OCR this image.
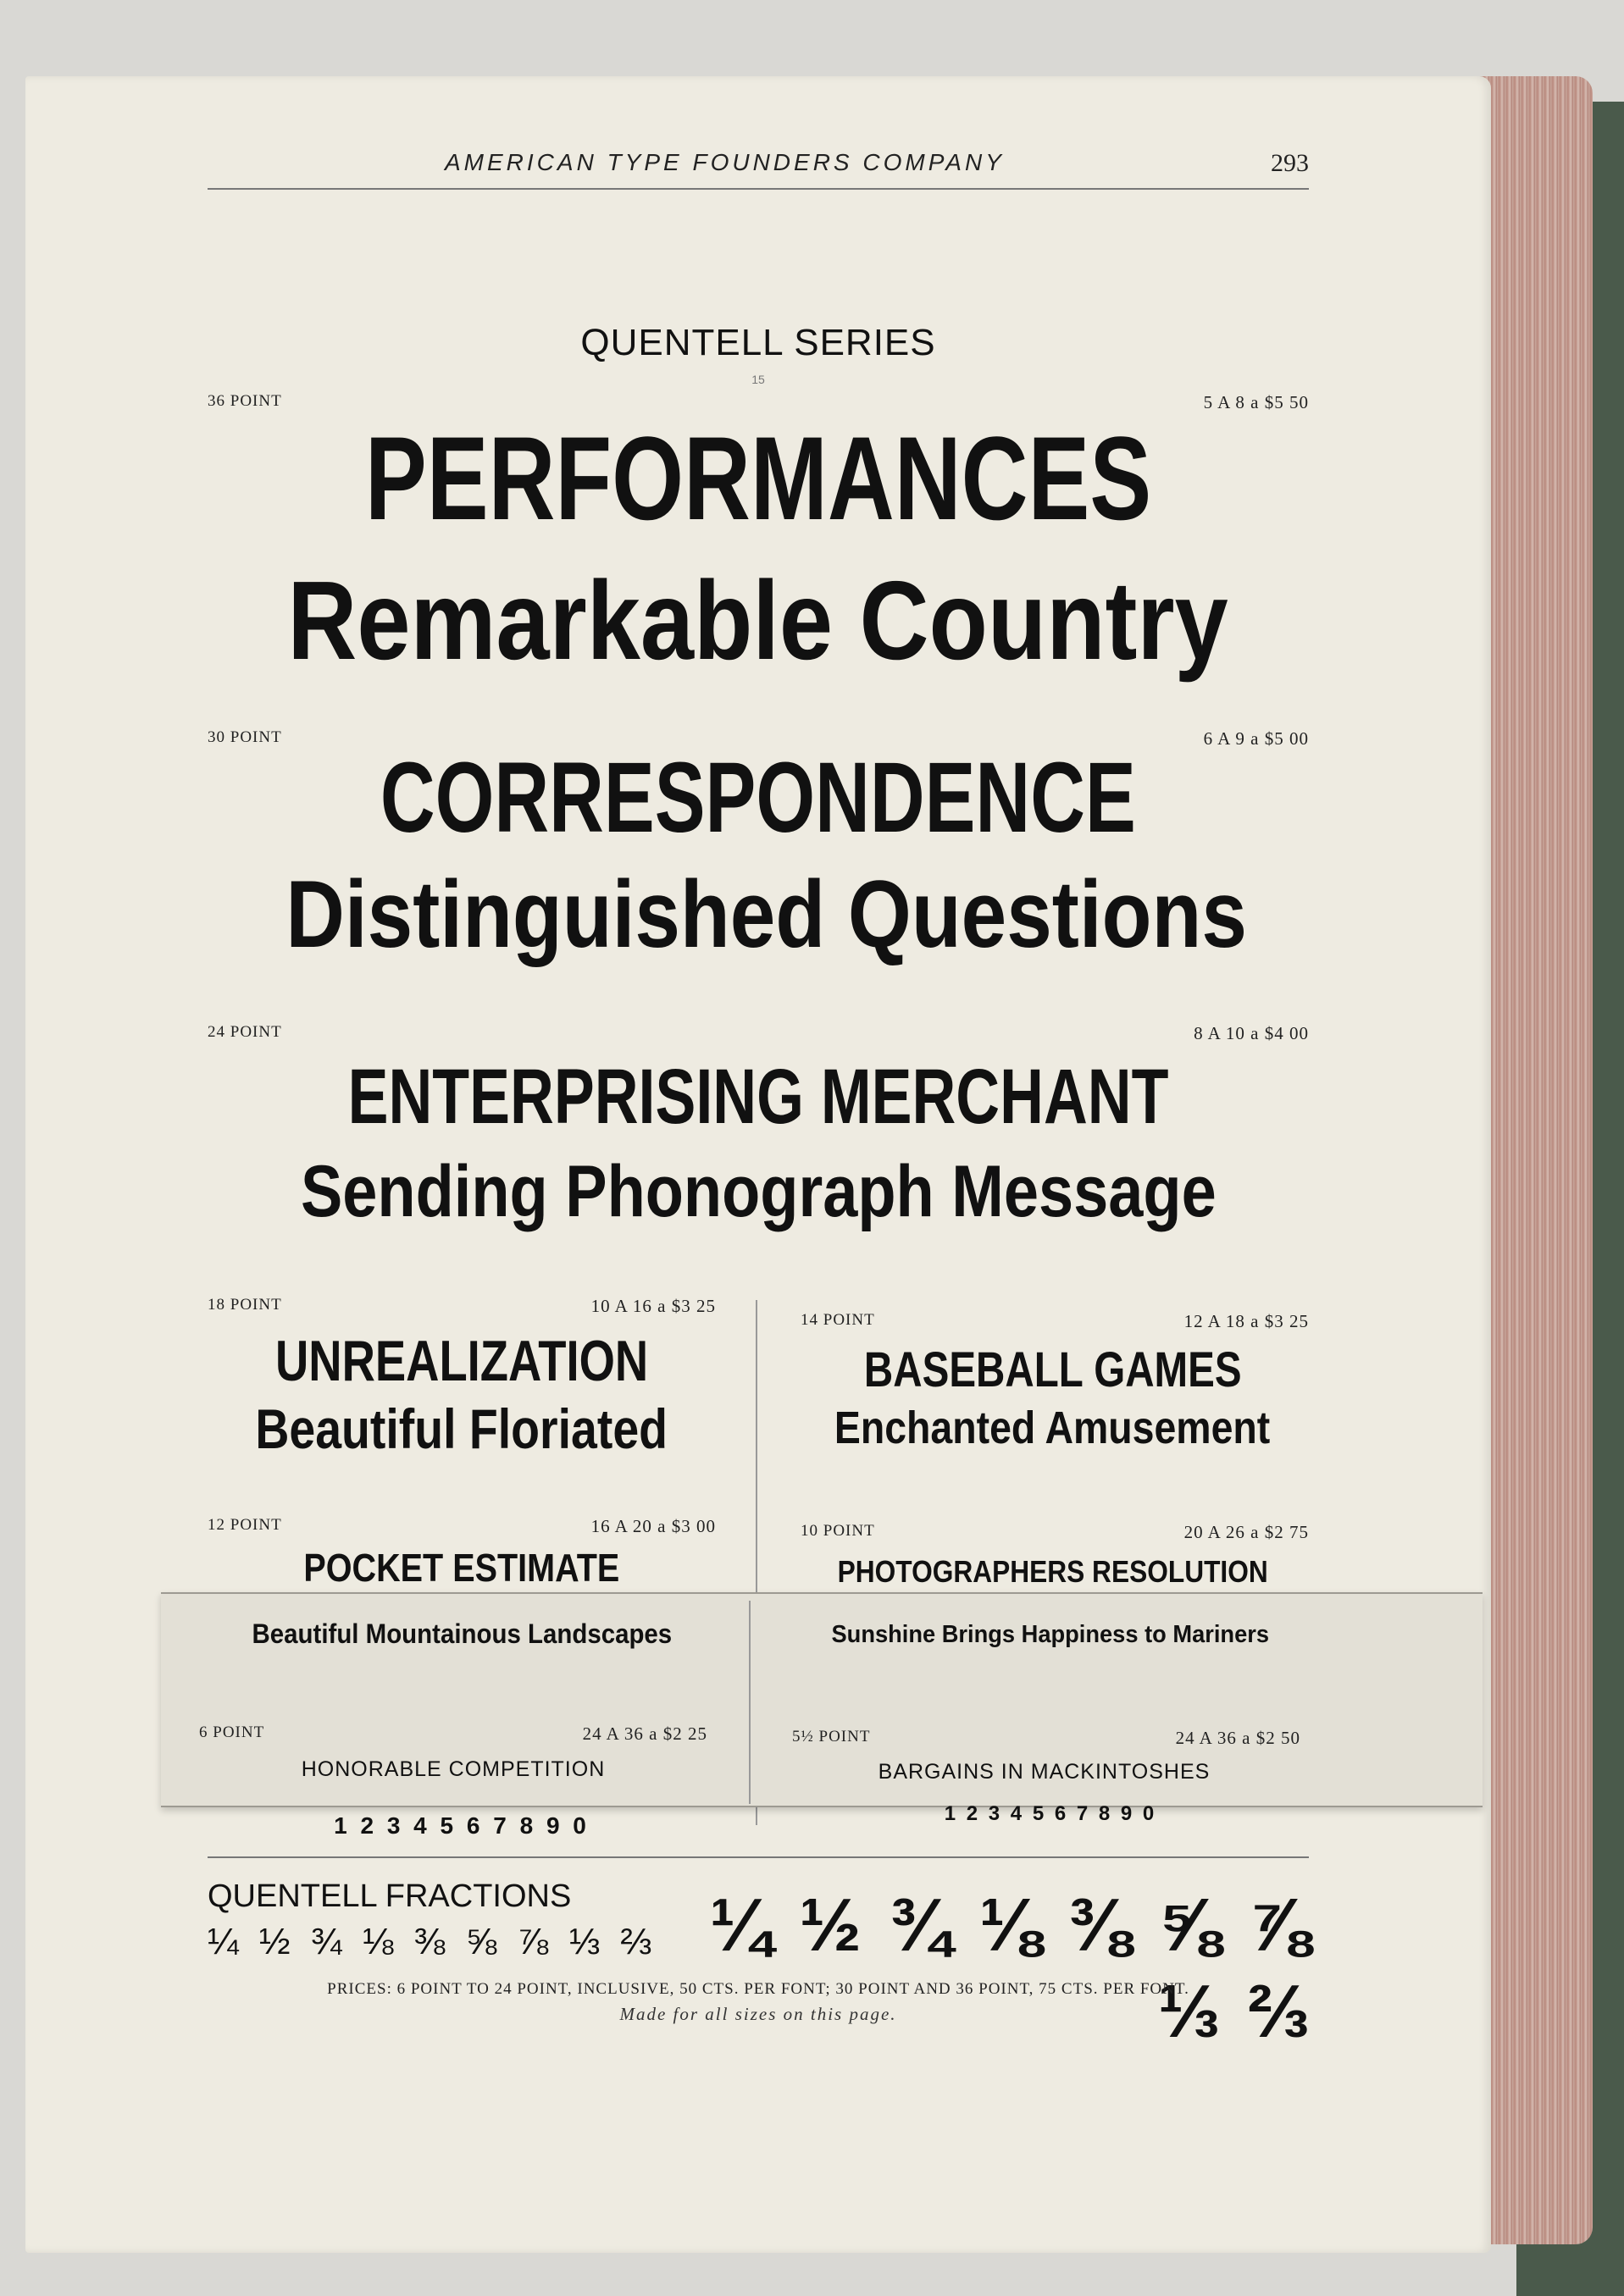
AMERICAN TYPE FOUNDERS COMPANY	293
QUENTELL SERIES
15
36 POINT	5 A 8 a $5 50
PERFORMANCES
Remarkable Country
30 POINT	6 A 9 a $5 00
CORRESPONDENCE
Distinguished Questions
24 POINT	8 A 10 a $4 00
ENTERPRISING MERCHANT
Sending Phonograph Message
18 POINT	10 A 16 a $3 25
UNREALIZATION
Beautiful Floriated
14 POINT	12 A 18 a $3 25
BASEBALL GAMES
Enchanted Amusement
12 POINT	16 A 20 a $3 00
POCKET ESTIMATE
10 POINT	20 A 26 a $2 75
PHOTOGRAPHERS RESOLUTION
Beautiful Mountainous Landscapes	Sunshine Brings Happiness to Mariners
6 POINT	24 A 36 a $2 25
HONORABLE COMPETITION
5½ POINT	24 A 36 a $2 50
BARGAINS IN MACKINTOSHES
1 2 3 4 5 6 7 8 9 0	1 2 3 4 5 6 7 8 9 0
QUENTELL FRACTIONS
¼ ½ ¾ ⅛ ⅜ ⅝ ⅞ ⅓ ⅔ ¼ ½ ¾ ⅛ ⅜ ⅝ ⅞ ⅓ ⅔
PRICES: 6 POINT TO 24 POINT, INCLUSIVE, 50 CTS. PER FONT; 30 POINT AND 36 POINT, 75 CTS. PER FONT.
Made for all sizes on this page.
